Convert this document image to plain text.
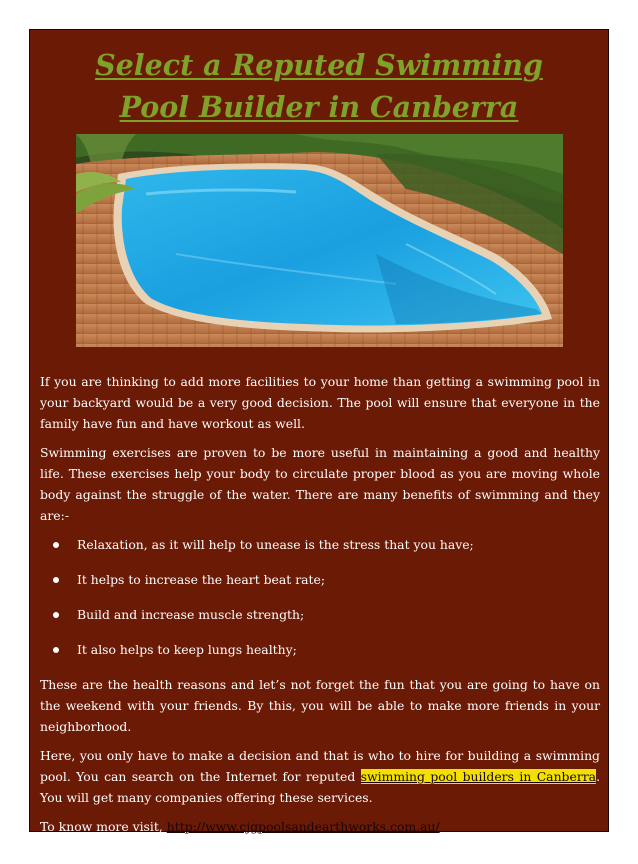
Select a Reputed Swimming Pool Builder in Canberra

If you are thinking to add more facilities to your home than getting a swimming pool in your backyard would be a very good decision. The pool will ensure that everyone in the family have fun and have workout as well.

Swimming exercises are proven to be more useful in maintaining a good and healthy life. These exercises help your body to circulate proper blood as you are moving whole body against the struggle of the water. There are many benefits of swimming and they are:-

Relaxation, as it will help to unease is the stress that you have;
It helps to increase the heart beat rate;
Build and increase muscle strength;
It also helps to keep lungs healthy;

These are the health reasons and let’s not forget the fun that you are going to have on the weekend with your friends. By this, you will be able to make more friends in your neighborhood.

Here, you only have to make a decision and that is who to hire for building a swimming pool. You can search on the Internet for reputed swimming pool builders in Canberra. You will get many companies offering these services.

To know more visit, http://www.cjgpoolsandearthworks.com.au/
